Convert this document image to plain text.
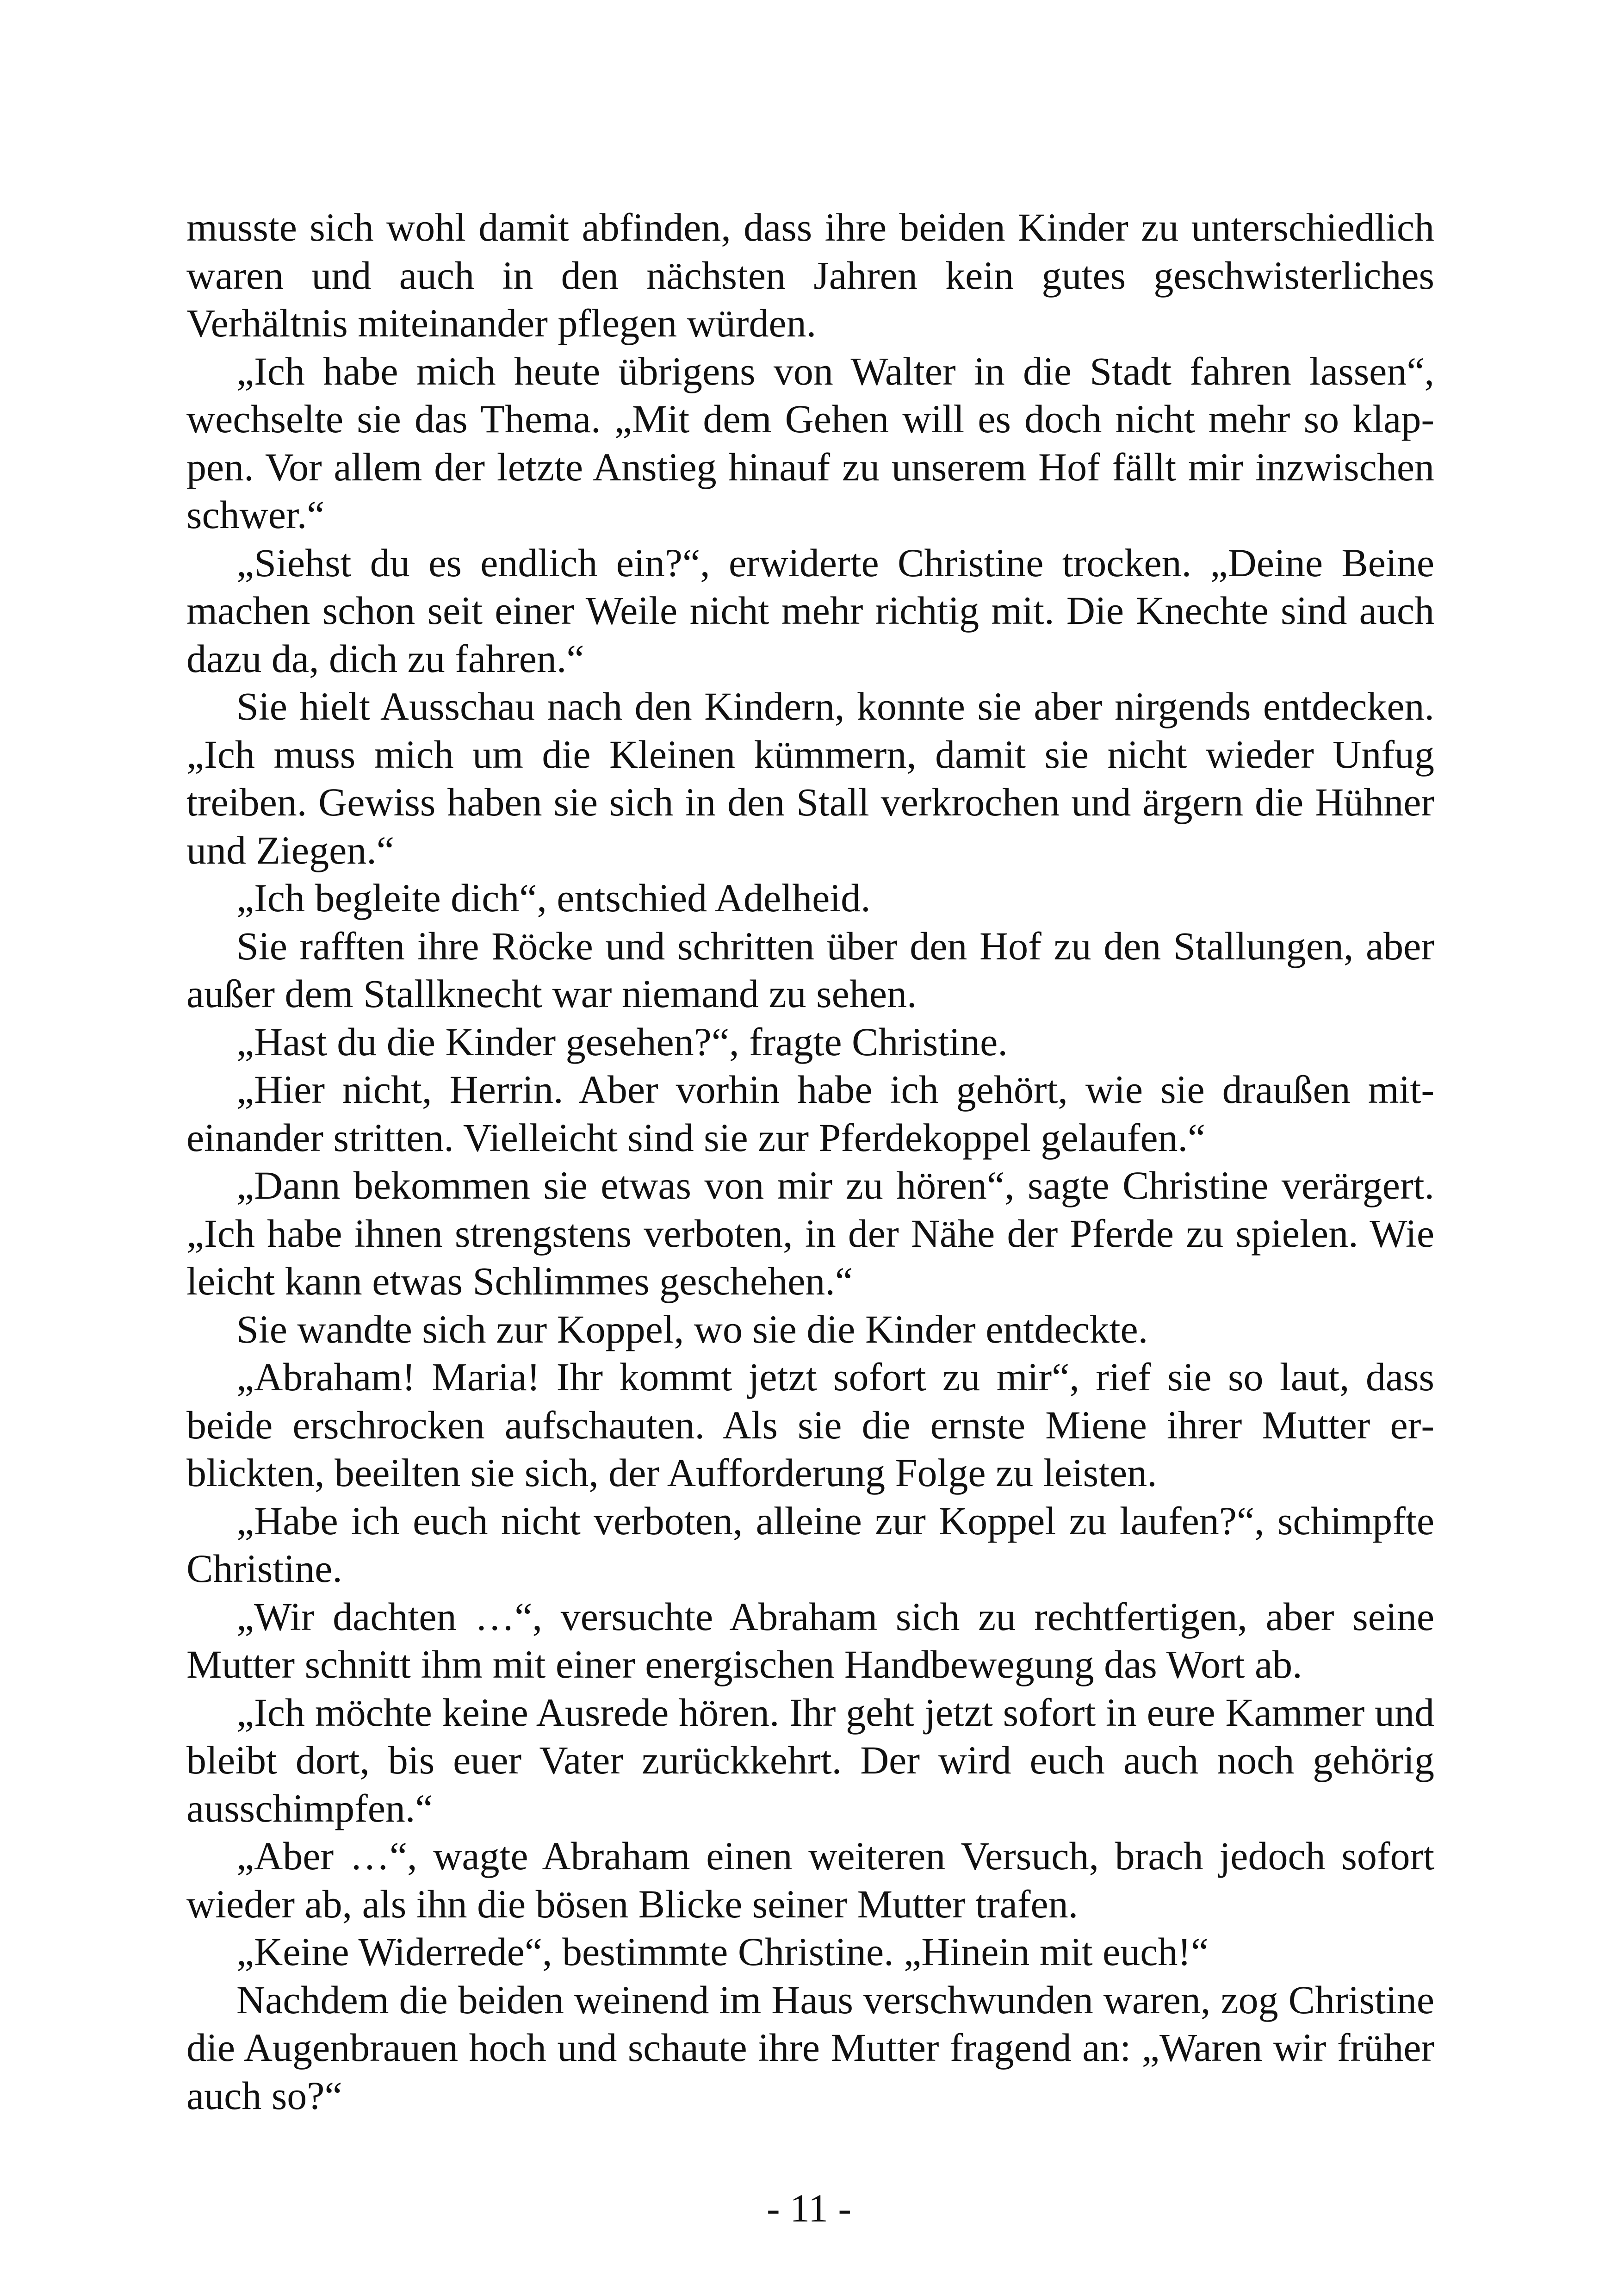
musste sich wohl damit abfinden, dass ihre beiden Kinder zu unterschiedlich waren und auch in den nächsten Jahren kein gutes geschwisterliches Verhältnis miteinander pflegen würden.

„Ich habe mich heute übrigens von Walter in die Stadt fahren lassen“, wechselte sie das Thema. „Mit dem Gehen will es doch nicht mehr so klappen. Vor allem der letzte Anstieg hinauf zu unserem Hof fällt mir inzwischen schwer.“

„Siehst du es endlich ein?“, erwiderte Christine trocken. „Deine Beine machen schon seit einer Weile nicht mehr richtig mit. Die Knechte sind auch dazu da, dich zu fahren.“

Sie hielt Ausschau nach den Kindern, konnte sie aber nirgends entdecken. „Ich muss mich um die Kleinen kümmern, damit sie nicht wieder Unfug treiben. Gewiss haben sie sich in den Stall verkrochen und ärgern die Hühner und Ziegen.“

„Ich begleite dich“, entschied Adelheid.

Sie rafften ihre Röcke und schritten über den Hof zu den Stallungen, aber außer dem Stallknecht war niemand zu sehen.

„Hast du die Kinder gesehen?“, fragte Christine.

„Hier nicht, Herrin. Aber vorhin habe ich gehört, wie sie draußen miteinander stritten. Vielleicht sind sie zur Pferdekoppel gelaufen.“

„Dann bekommen sie etwas von mir zu hören“, sagte Christine verärgert. „Ich habe ihnen strengstens verboten, in der Nähe der Pferde zu spielen. Wie leicht kann etwas Schlimmes geschehen.“

Sie wandte sich zur Koppel, wo sie die Kinder entdeckte.

„Abraham! Maria! Ihr kommt jetzt sofort zu mir“, rief sie so laut, dass beide erschrocken aufschauten. Als sie die ernste Miene ihrer Mutter erblickten, beeilten sie sich, der Aufforderung Folge zu leisten.

„Habe ich euch nicht verboten, alleine zur Koppel zu laufen?“, schimpfte Christine.

„Wir dachten …“, versuchte Abraham sich zu rechtfertigen, aber seine Mutter schnitt ihm mit einer energischen Handbewegung das Wort ab.

„Ich möchte keine Ausrede hören. Ihr geht jetzt sofort in eure Kammer und bleibt dort, bis euer Vater zurückkehrt. Der wird euch auch noch gehörig ausschimpfen.“

„Aber …“, wagte Abraham einen weiteren Versuch, brach jedoch sofort wieder ab, als ihn die bösen Blicke seiner Mutter trafen.

„Keine Widerrede“, bestimmte Christine. „Hinein mit euch!“

Nachdem die beiden weinend im Haus verschwunden waren, zog Christine die Augenbrauen hoch und schaute ihre Mutter fragend an: „Waren wir früher auch so?“

- 11 -
